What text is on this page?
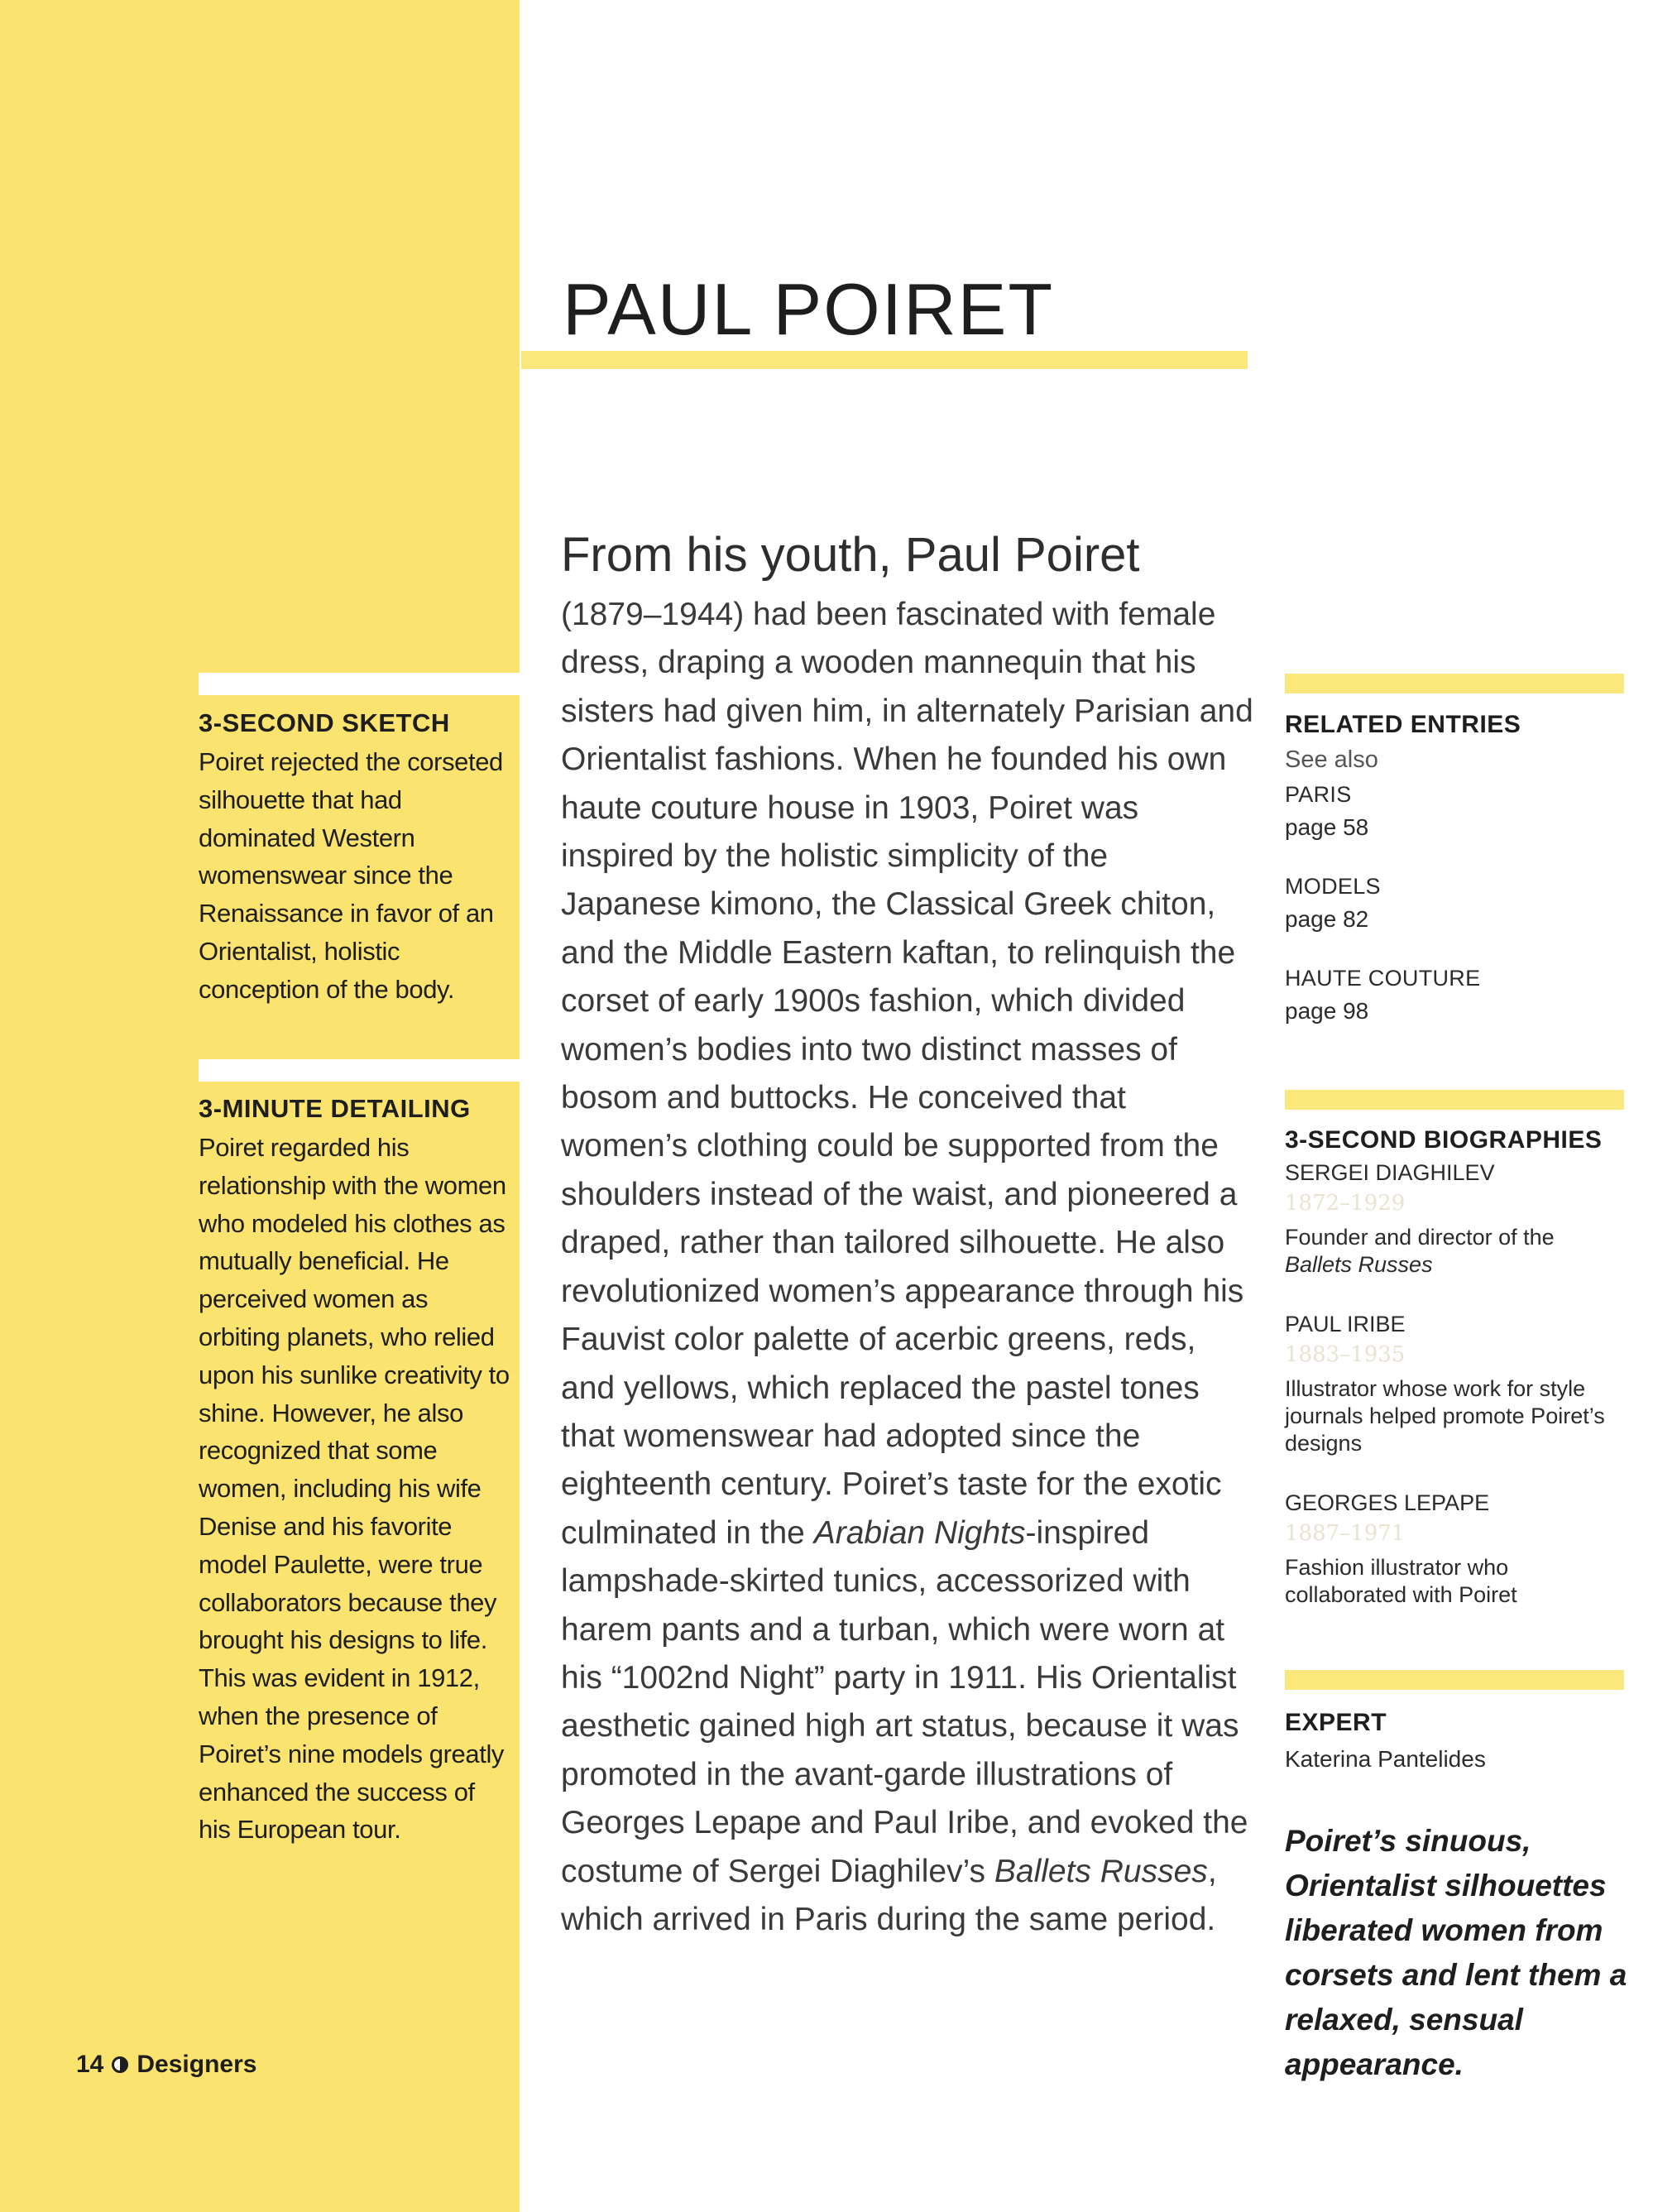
PAUL POIRET
3-SECOND SKETCH

Poiret rejected the corseted silhouette that had dominated Western womenswear since the Renaissance in favor of an Orientalist, holistic conception of the body.

3-MINUTE DETAILING

Poiret regarded his relationship with the women who modeled his clothes as mutually beneficial. He perceived women as orbiting planets, who relied upon his sunlike creativity to shine. However, he also recognized that some women, including his wife Denise and his favorite model Paulette, were true collaborators because they brought his designs to life. This was evident in 1912, when the presence of Poiret’s nine models greatly enhanced the success of his European tour.

From his youth, Paul Poiret

(1879–1944) had been fascinated with female dress, draping a wooden mannequin that his sisters had given him, in alternately Parisian and Orientalist fashions. When he founded his own haute couture house in 1903, Poiret was inspired by the holistic simplicity of the Japanese kimono, the Classical Greek chiton, and the Middle Eastern kaftan, to relinquish the corset of early 1900s fashion, which divided women’s bodies into two distinct masses of bosom and buttocks. He conceived that women’s clothing could be supported from the shoulders instead of the waist, and pioneered a draped, rather than tailored silhouette. He also revolutionized women’s appearance through his Fauvist color palette of acerbic greens, reds, and yellows, which replaced the pastel tones that womenswear had adopted since the eighteenth century. Poiret’s taste for the exotic culminated in the Arabian Nights-inspired lampshade-skirted tunics, accessorized with harem pants and a turban, which were worn at his “1002nd Night” party in 1911. His Orientalist aesthetic gained high art status, because it was promoted in the avant-garde illustrations of Georges Lepape and Paul Iribe, and evoked the costume of Sergei Diaghilev’s Ballets Russes, which arrived in Paris during the same period.

RELATED ENTRIES

See also

PARIS

page 58

MODELS

page 82

HAUTE COUTURE

page 98

3-SECOND BIOGRAPHIES

SERGEI DIAGHILEV

1872–1929

Founder and director of the
Ballets Russes

PAUL IRIBE

1883–1935

Illustrator whose work for style journals helped promote Poiret’s designs

GEORGES LEPAPE

1887–1971

Fashion illustrator who collaborated with Poiret

EXPERT

Katerina Pantelides

Poiret’s sinuous, Orientalist silhouettes liberated women from corsets and lent them a relaxed, sensual appearance.

14 Designers
